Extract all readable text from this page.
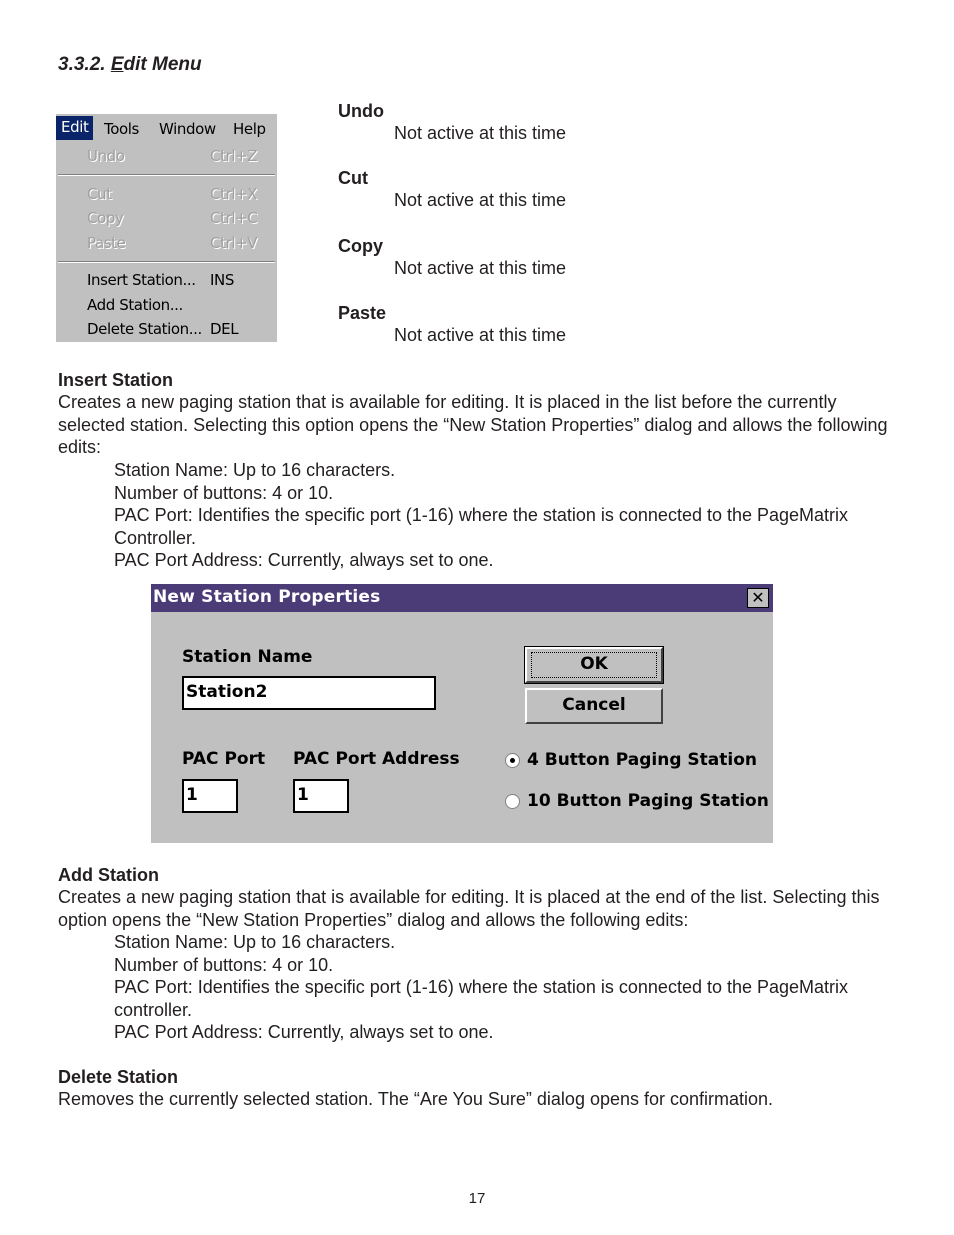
3.3.2. Edit Menu
Edit	Tools Window Help
Undo	Ctrl+Z
Cut	Ctrl+X
Copy	Ctrl+C
Paste	Ctrl+V
Insert Station... INS
Add Station...
Delete Station... DEL
Undo
Not active at this time
Cut
Not active at this time
Copy
Not active at this time
Paste
Not active at this time
Insert Station

Creates a new paging station that is available for editing. It is placed in the list before the currently selected station. Selecting this option opens the “New Station Properties” dialog and allows the following edits:

Station Name: Up to 16 characters.
Number of buttons: 4 or 10.
PAC Port: Identifies the specific port (1-16) where the station is connected to the PageMatrix Controller.
PAC Port Address: Currently, always set to one.
New Station Properties	✕
Station Name
Station2
PAC Port
1
PAC Port Address
1
OK
Cancel
4 Button Paging Station
10 Button Paging Station
Add Station

Creates a new paging station that is available for editing. It is placed at the end of the list. Selecting this option opens the “New Station Properties” dialog and allows the following edits:

Station Name: Up to 16 characters.
Number of buttons: 4 or 10.
PAC Port: Identifies the specific port (1-16) where the station is connected to the PageMatrix controller.
PAC Port Address: Currently, always set to one.
Delete Station

Removes the currently selected station. The “Are You Sure” dialog opens for confirmation.

17
